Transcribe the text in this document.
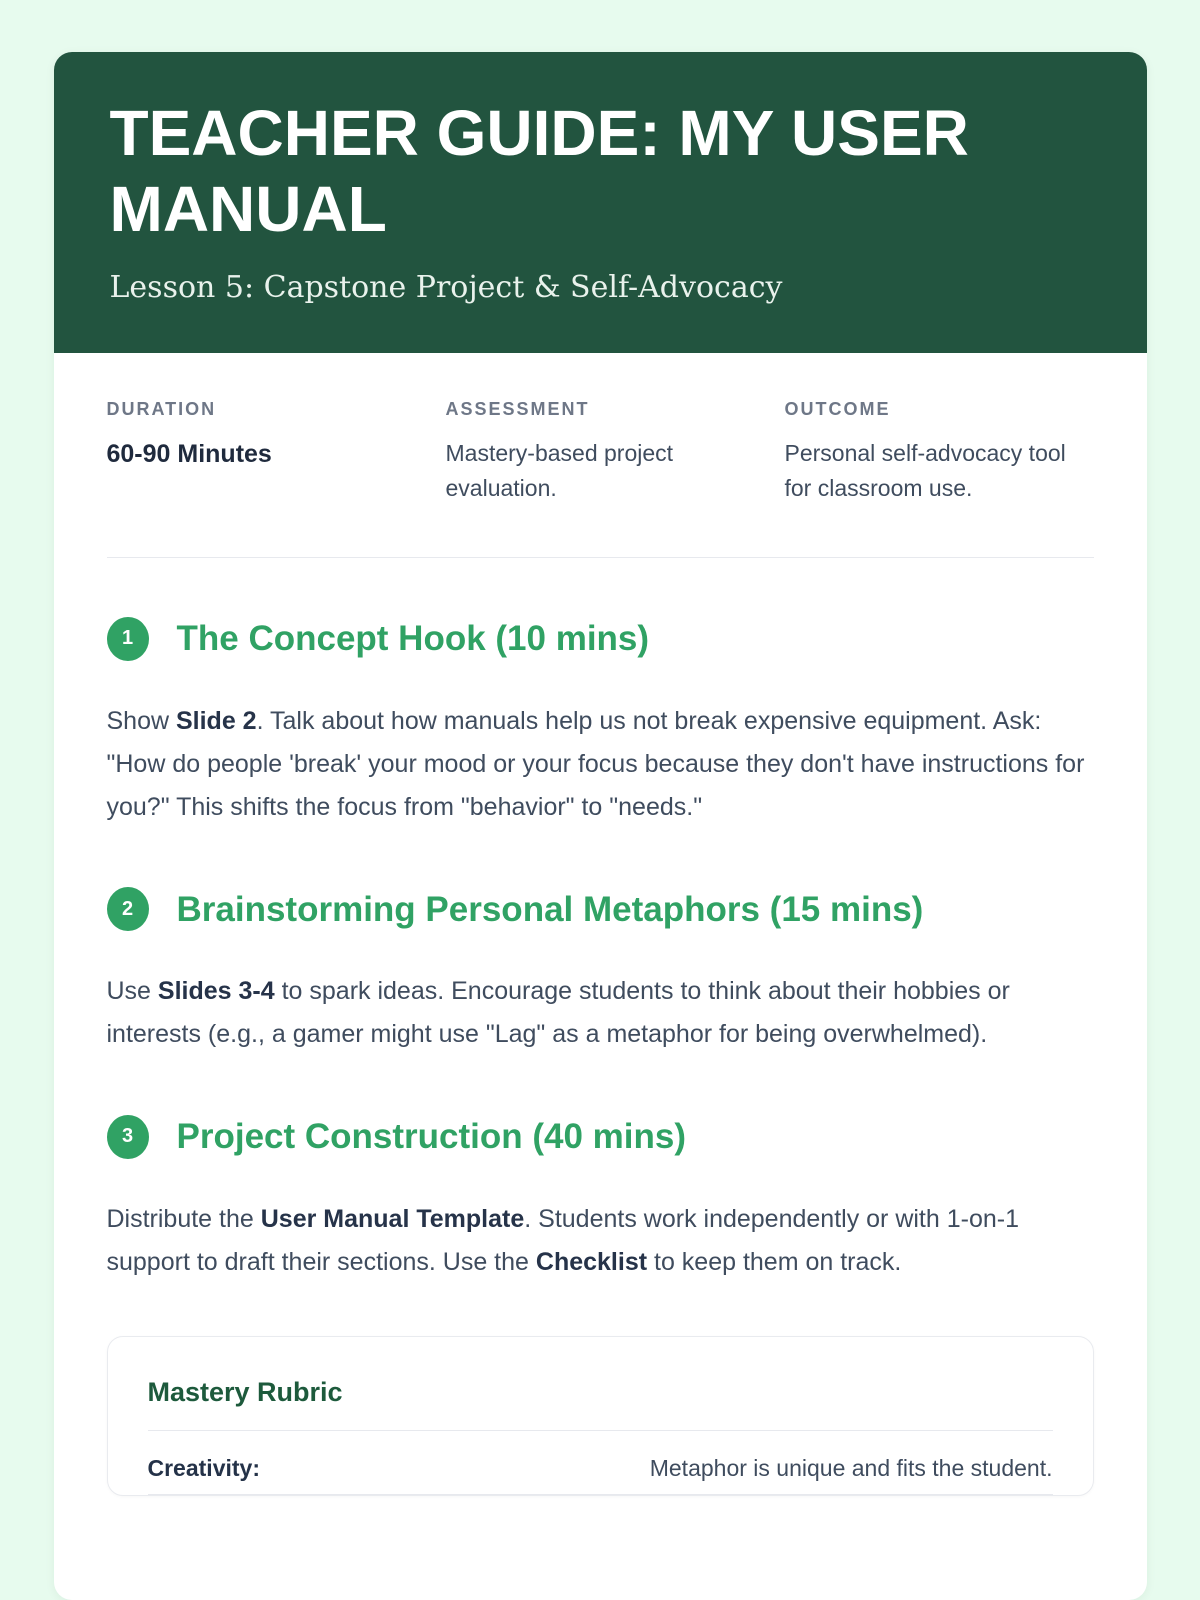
TEACHER GUIDE: MY USER MANUAL
Lesson 5: Capstone Project & Self-Advocacy
DURATION
60-90 Minutes
ASSESSMENT
Mastery-based project evaluation.
OUTCOME
Personal self-advocacy tool for classroom use.
1	The Concept Hook (10 mins)

Show Slide 2. Talk about how manuals help us not break expensive equipment. Ask: "How do people 'break' your mood or your focus because they don't have instructions for you?" This shifts the focus from "behavior" to "needs."

2	Brainstorming Personal Metaphors (15 mins)

Use Slides 3-4 to spark ideas. Encourage students to think about their hobbies or interests (e.g., a gamer might use "Lag" as a metaphor for being overwhelmed).

3	Project Construction (40 mins)

Distribute the User Manual Template. Students work independently or with 1-on-1 support to draft their sections. Use the Checklist to keep them on track.

Mastery Rubric
Creativity:	Metaphor is unique and fits the student.
